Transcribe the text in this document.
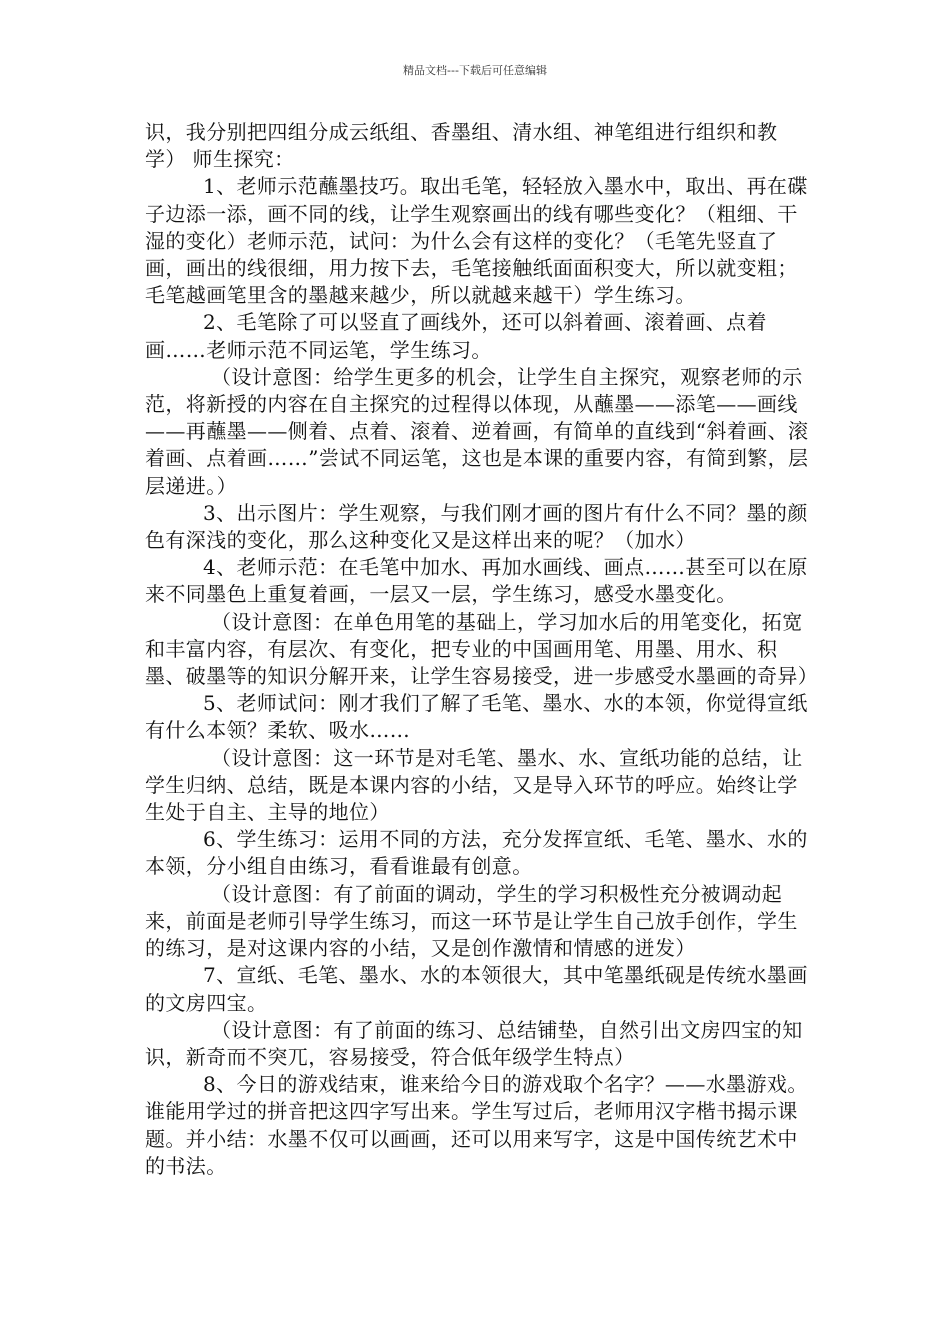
精品文档---下载后可任意编辑

识，我分别把四组分成云纸组、香墨组、清水组、神笔组进行组织和教学） 师生探究：

1、老师示范蘸墨技巧。取出毛笔，轻轻放入墨水中，取出、再在碟子边添一添，画不同的线，让学生观察画出的线有哪些变化？（粗细、干湿的变化）老师示范，试问：为什么会有这样的变化？（毛笔先竖直了画，画出的线很细，用力按下去，毛笔接触纸面面积变大，所以就变粗；毛笔越画笔里含的墨越来越少，所以就越来越干）学生练习。

2、毛笔除了可以竖直了画线外，还可以斜着画、滚着画、点着画……老师示范不同运笔，学生练习。

（设计意图：给学生更多的机会，让学生自主探究，观察老师的示范，将新授的内容在自主探究的过程得以体现，从蘸墨——添笔——画线——再蘸墨——侧着、点着、滚着、逆着画，有简单的直线到“斜着画、滚着画、点着画……”尝试不同运笔，这也是本课的重要内容，有简到繁，层层递进。）

3、出示图片：学生观察，与我们刚才画的图片有什么不同？墨的颜色有深浅的变化，那么这种变化又是这样出来的呢？（加水）

4、老师示范：在毛笔中加水、再加水画线、画点……甚至可以在原来不同墨色上重复着画，一层又一层，学生练习，感受水墨变化。

（设计意图：在单色用笔的基础上，学习加水后的用笔变化，拓宽和丰富内容，有层次、有变化，把专业的中国画用笔、用墨、用水、积墨、破墨等的知识分解开来，让学生容易接受，进一步感受水墨画的奇异）

5、老师试问：刚才我们了解了毛笔、墨水、水的本领，你觉得宣纸有什么本领？柔软、吸水……

（设计意图：这一环节是对毛笔、墨水、水、宣纸功能的总结，让学生归纳、总结，既是本课内容的小结，又是导入环节的呼应。始终让学生处于自主、主导的地位）

6、学生练习：运用不同的方法，充分发挥宣纸、毛笔、墨水、水的本领，分小组自由练习，看看谁最有创意。

（设计意图：有了前面的调动，学生的学习积极性充分被调动起来，前面是老师引导学生练习，而这一环节是让学生自己放手创作，学生的练习，是对这课内容的小结，又是创作激情和情感的迸发）

7、宣纸、毛笔、墨水、水的本领很大，其中笔墨纸砚是传统水墨画的文房四宝。

（设计意图：有了前面的练习、总结铺垫，自然引出文房四宝的知识，新奇而不突兀，容易接受，符合低年级学生特点）

8、今日的游戏结束，谁来给今日的游戏取个名字？——水墨游戏。谁能用学过的拼音把这四字写出来。学生写过后，老师用汉字楷书揭示课题。并小结：水墨不仅可以画画，还可以用来写字，这是中国传统艺术中的书法。
